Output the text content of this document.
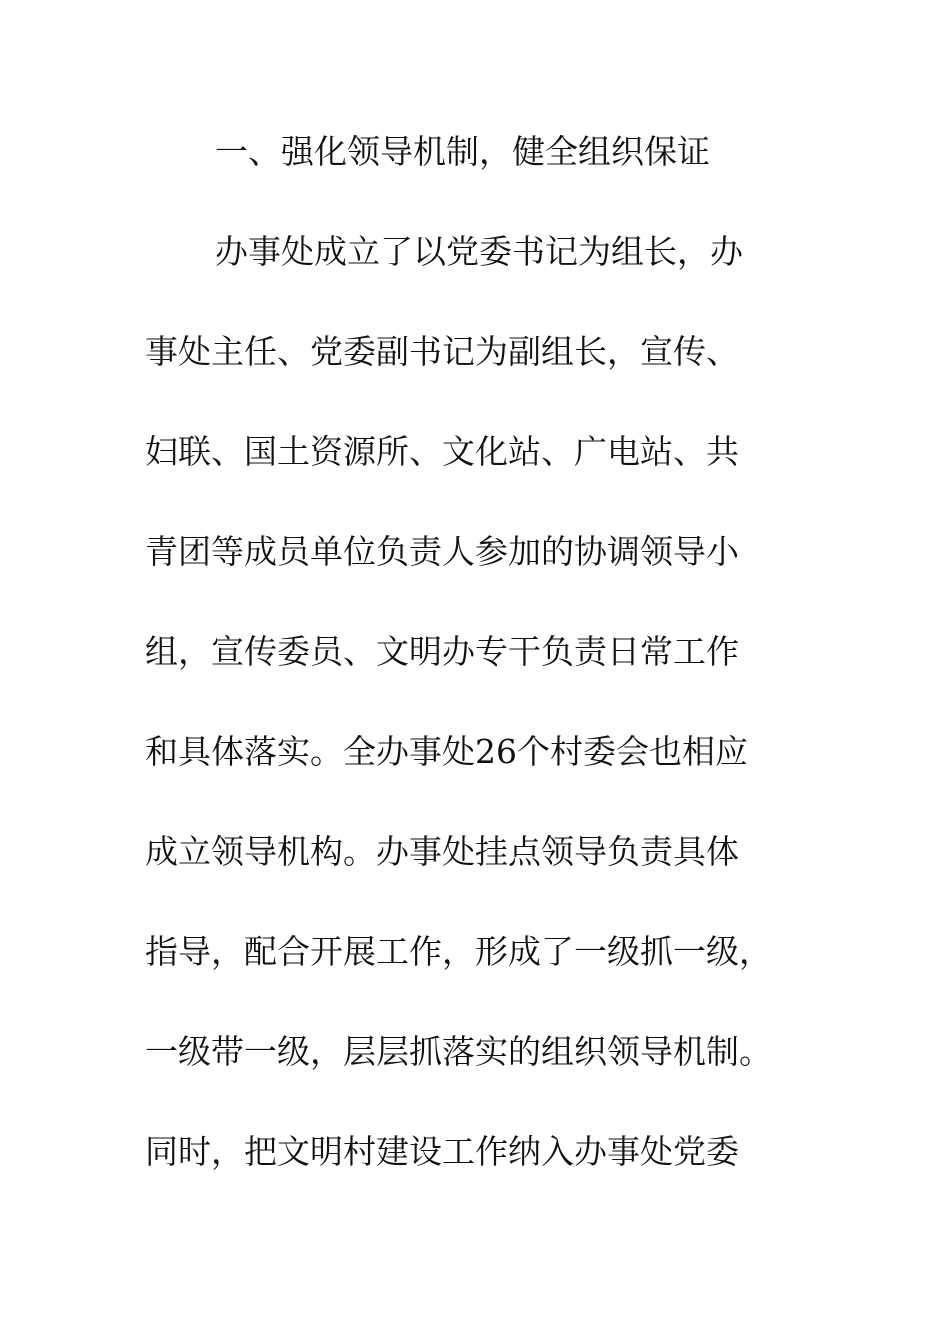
一、强化领导机制，健全组织保证

办事处成立了以党委书记为组长，办

事处主任、党委副书记为副组长，宣传、

妇联、国土资源所、文化站、广电站、共

青团等成员单位负责人参加的协调领导小

组，宣传委员、文明办专干负责日常工作

和具体落实。全办事处26个村委会也相应

成立领导机构。办事处挂点领导负责具体

指导，配合开展工作，形成了一级抓一级，

一级带一级，层层抓落实的组织领导机制。

同时，把文明村建设工作纳入办事处党委
